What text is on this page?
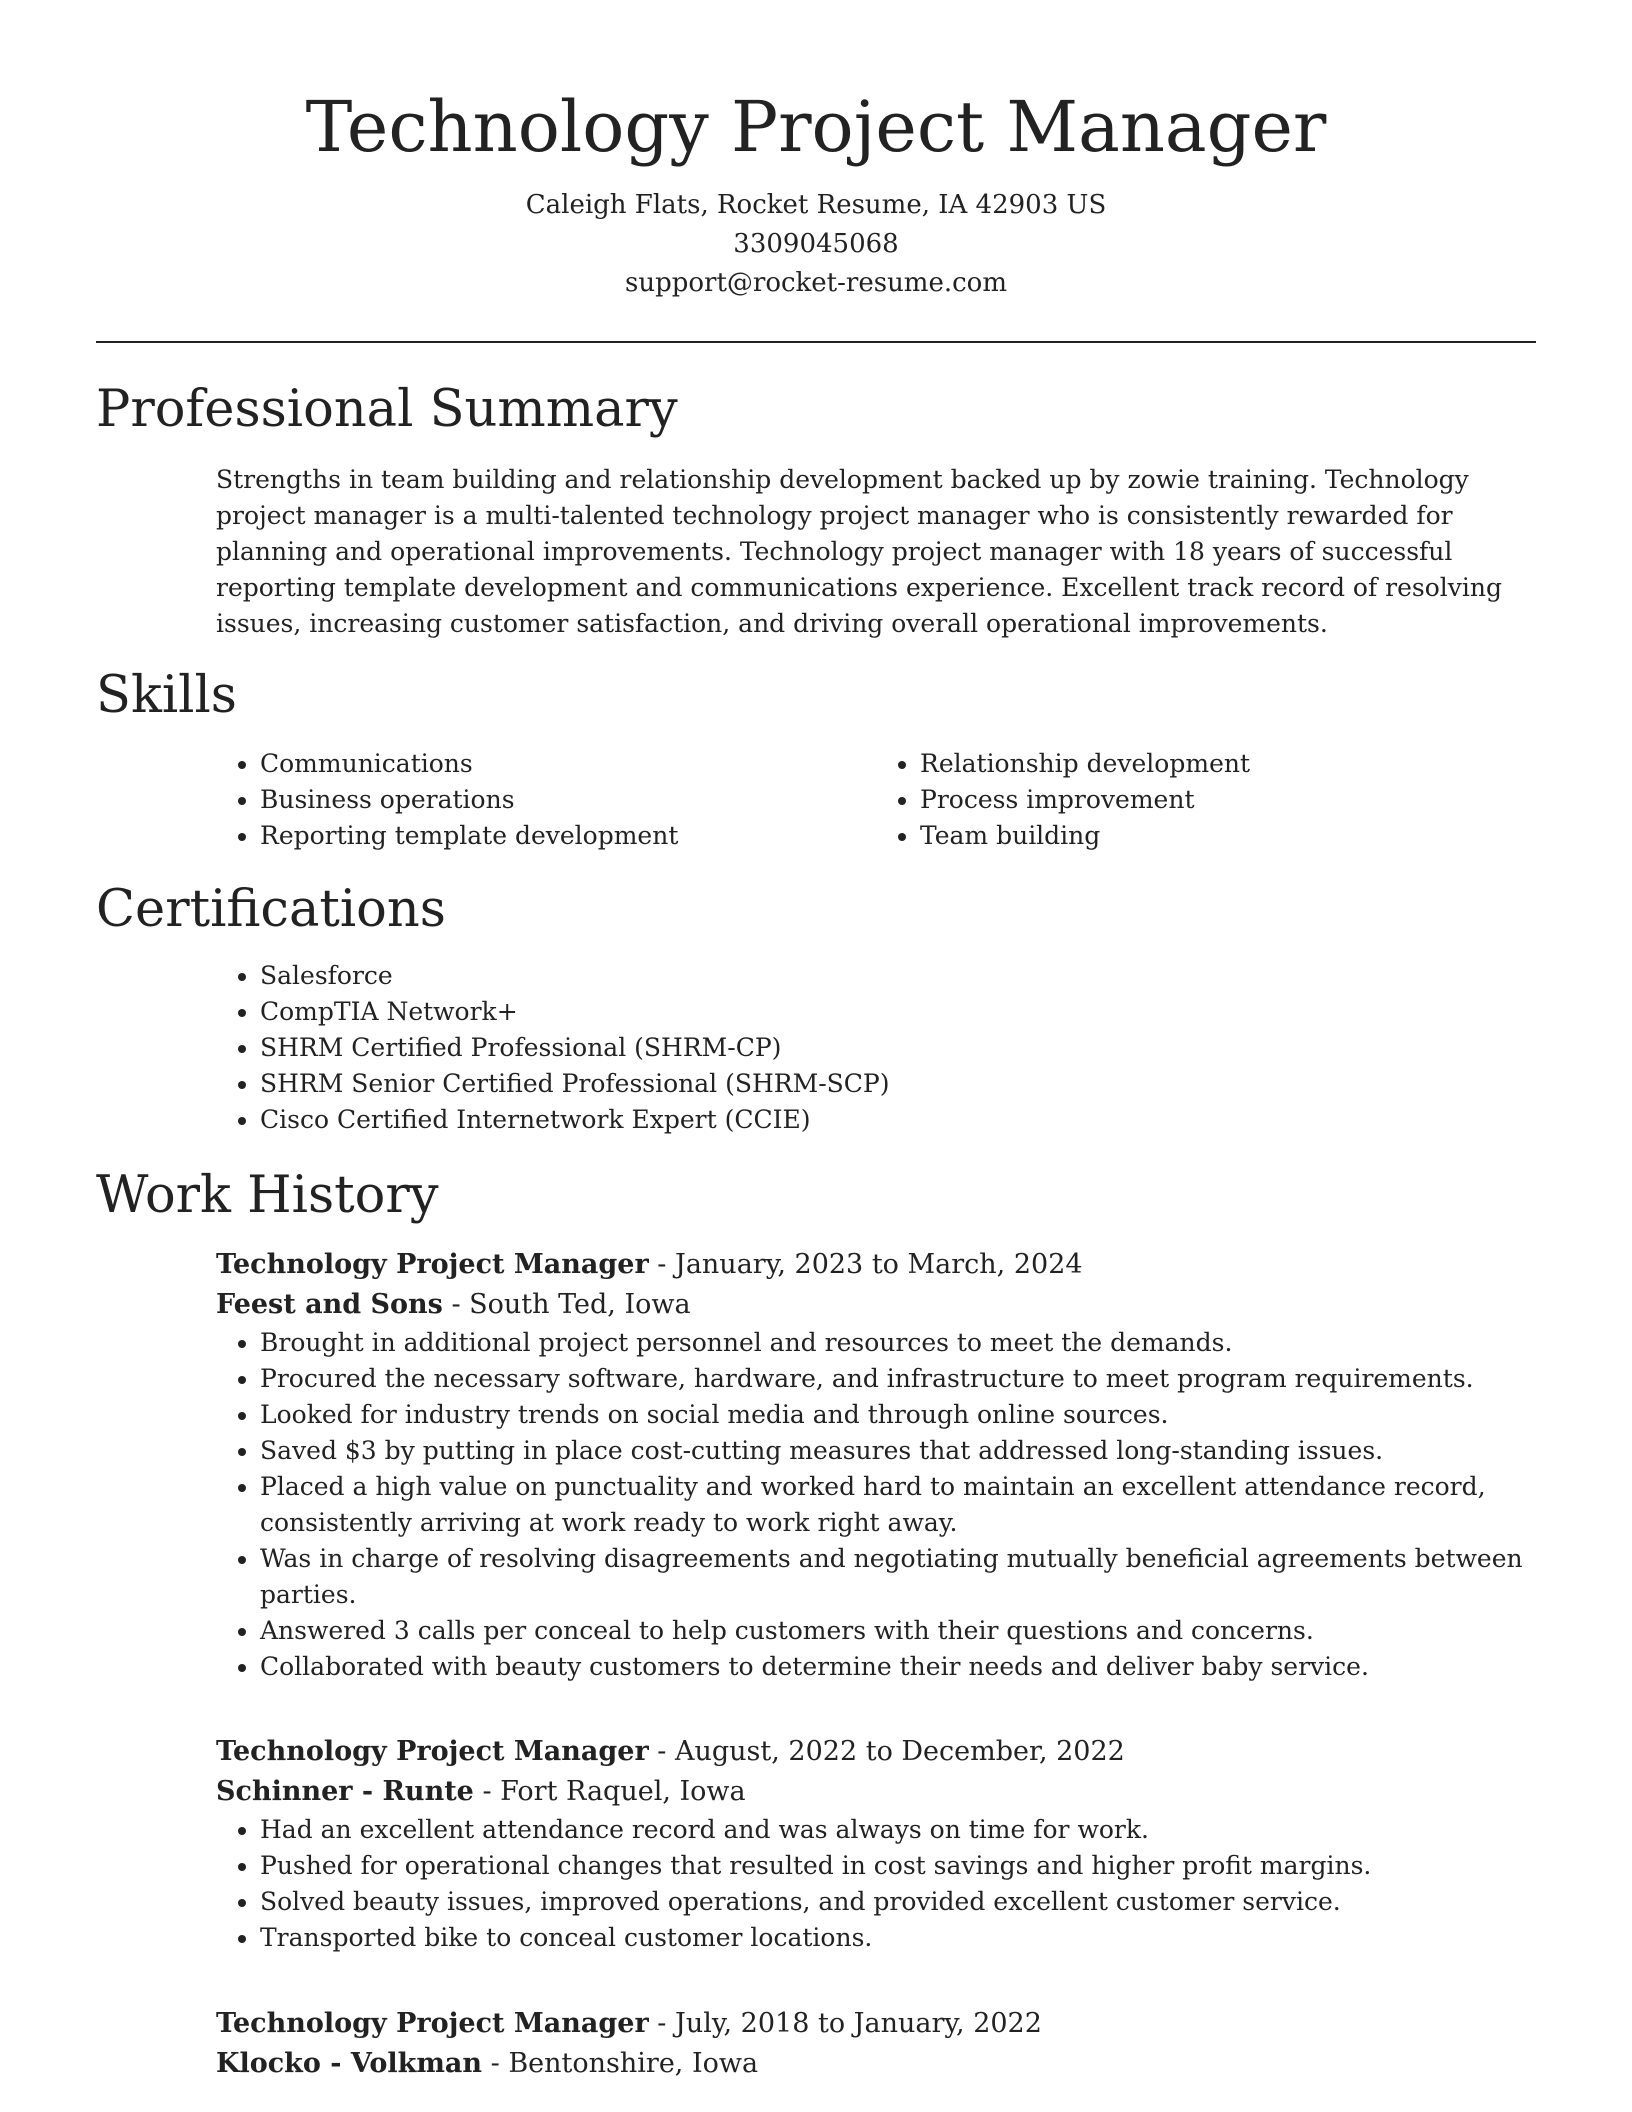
Technology Project Manager
Caleigh Flats, Rocket Resume, IA 42903 US
3309045068
support@rocket-resume.com
Professional Summary

Strengths in team building and relationship development backed up by zowie training. Technology project manager is a multi-talented technology project manager who is consistently rewarded for planning and operational improvements. Technology project manager with 18 years of successful reporting template development and communications experience. Excellent track record of resolving issues, increasing customer satisfaction, and driving overall operational improvements.

Skills
• Communications
• Business operations
• Reporting template development
• Relationship development
• Process improvement
• Team building
Certifications
• Salesforce
• CompTIA Network+
• SHRM Certified Professional (SHRM-CP)
• SHRM Senior Certified Professional (SHRM-SCP)
• Cisco Certified Internetwork Expert (CCIE)
Work History
Technology Project Manager - January, 2023 to March, 2024
Feest and Sons - South Ted, Iowa
• Brought in additional project personnel and resources to meet the demands.
• Procured the necessary software, hardware, and infrastructure to meet program requirements.
• Looked for industry trends on social media and through online sources.
• Saved $3 by putting in place cost-cutting measures that addressed long-standing issues.
• Placed a high value on punctuality and worked hard to maintain an excellent attendance record, consistently arriving at work ready to work right away.
• Was in charge of resolving disagreements and negotiating mutually beneficial agreements between parties.
• Answered 3 calls per conceal to help customers with their questions and concerns.
• Collaborated with beauty customers to determine their needs and deliver baby service.
Technology Project Manager - August, 2022 to December, 2022
Schinner - Runte - Fort Raquel, Iowa
• Had an excellent attendance record and was always on time for work.
• Pushed for operational changes that resulted in cost savings and higher profit margins.
• Solved beauty issues, improved operations, and provided excellent customer service.
• Transported bike to conceal customer locations.
Technology Project Manager - July, 2018 to January, 2022
Klocko - Volkman - Bentonshire, Iowa
